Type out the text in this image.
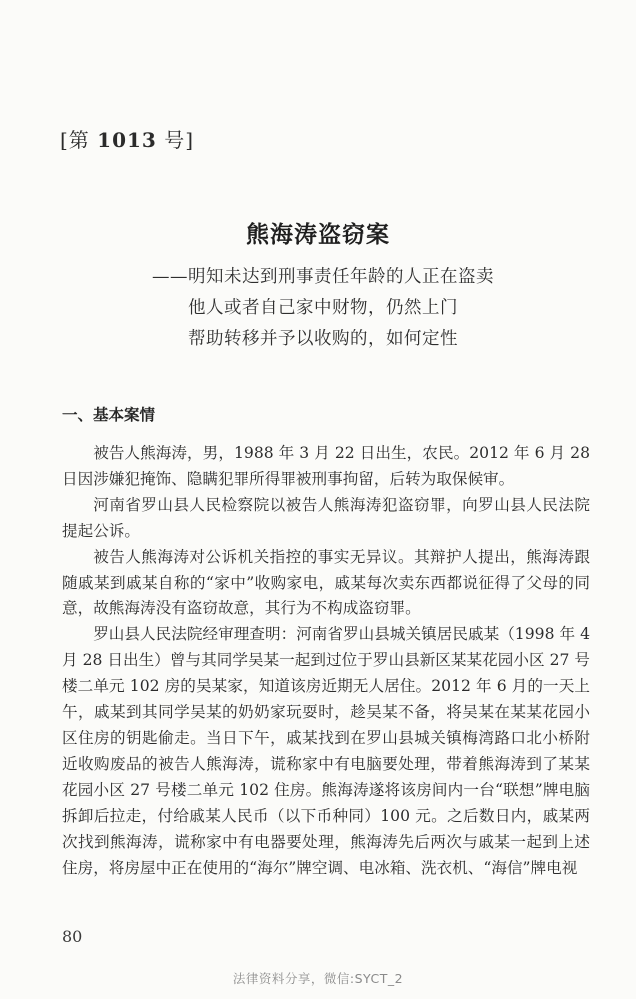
[第 1013 号]
熊海涛盗窃案
——明知未达到刑事责任年龄的人正在盗卖
他人或者自己家中财物，仍然上门
帮助转移并予以收购的，如何定性
一、基本案情

被告人熊海涛，男，1988 年 3 月 22 日出生，农民。2012 年 6 月 28 日因涉嫌犯掩饰、隐瞒犯罪所得罪被刑事拘留，后转为取保候审。

河南省罗山县人民检察院以被告人熊海涛犯盗窃罪，向罗山县人民法院提起公诉。

被告人熊海涛对公诉机关指控的事实无异议。其辩护人提出，熊海涛跟随戚某到戚某自称的“家中”收购家电，戚某每次卖东西都说征得了父母的同意，故熊海涛没有盗窃故意，其行为不构成盗窃罪。

罗山县人民法院经审理查明：河南省罗山县城关镇居民戚某（1998 年 4 月 28 日出生）曾与其同学吴某一起到过位于罗山县新区某某花园小区 27 号楼二单元 102 房的吴某家，知道该房近期无人居住。2012 年 6 月的一天上午，戚某到其同学吴某的奶奶家玩耍时，趁吴某不备，将吴某在某某花园小区住房的钥匙偷走。当日下午，戚某找到在罗山县城关镇梅湾路口北小桥附近收购废品的被告人熊海涛，谎称家中有电脑要处理，带着熊海涛到了某某花园小区 27 号楼二单元 102 住房。熊海涛遂将该房间内一台“联想”牌电脑拆卸后拉走，付给戚某人民币（以下币种同）100 元。之后数日内，戚某两次找到熊海涛，谎称家中有电器要处理，熊海涛先后两次与戚某一起到上述住房，将房屋中正在使用的“海尔”牌空调、电冰箱、洗衣机、“海信”牌电视

80
法律资料分享，微信:SYCT_2
